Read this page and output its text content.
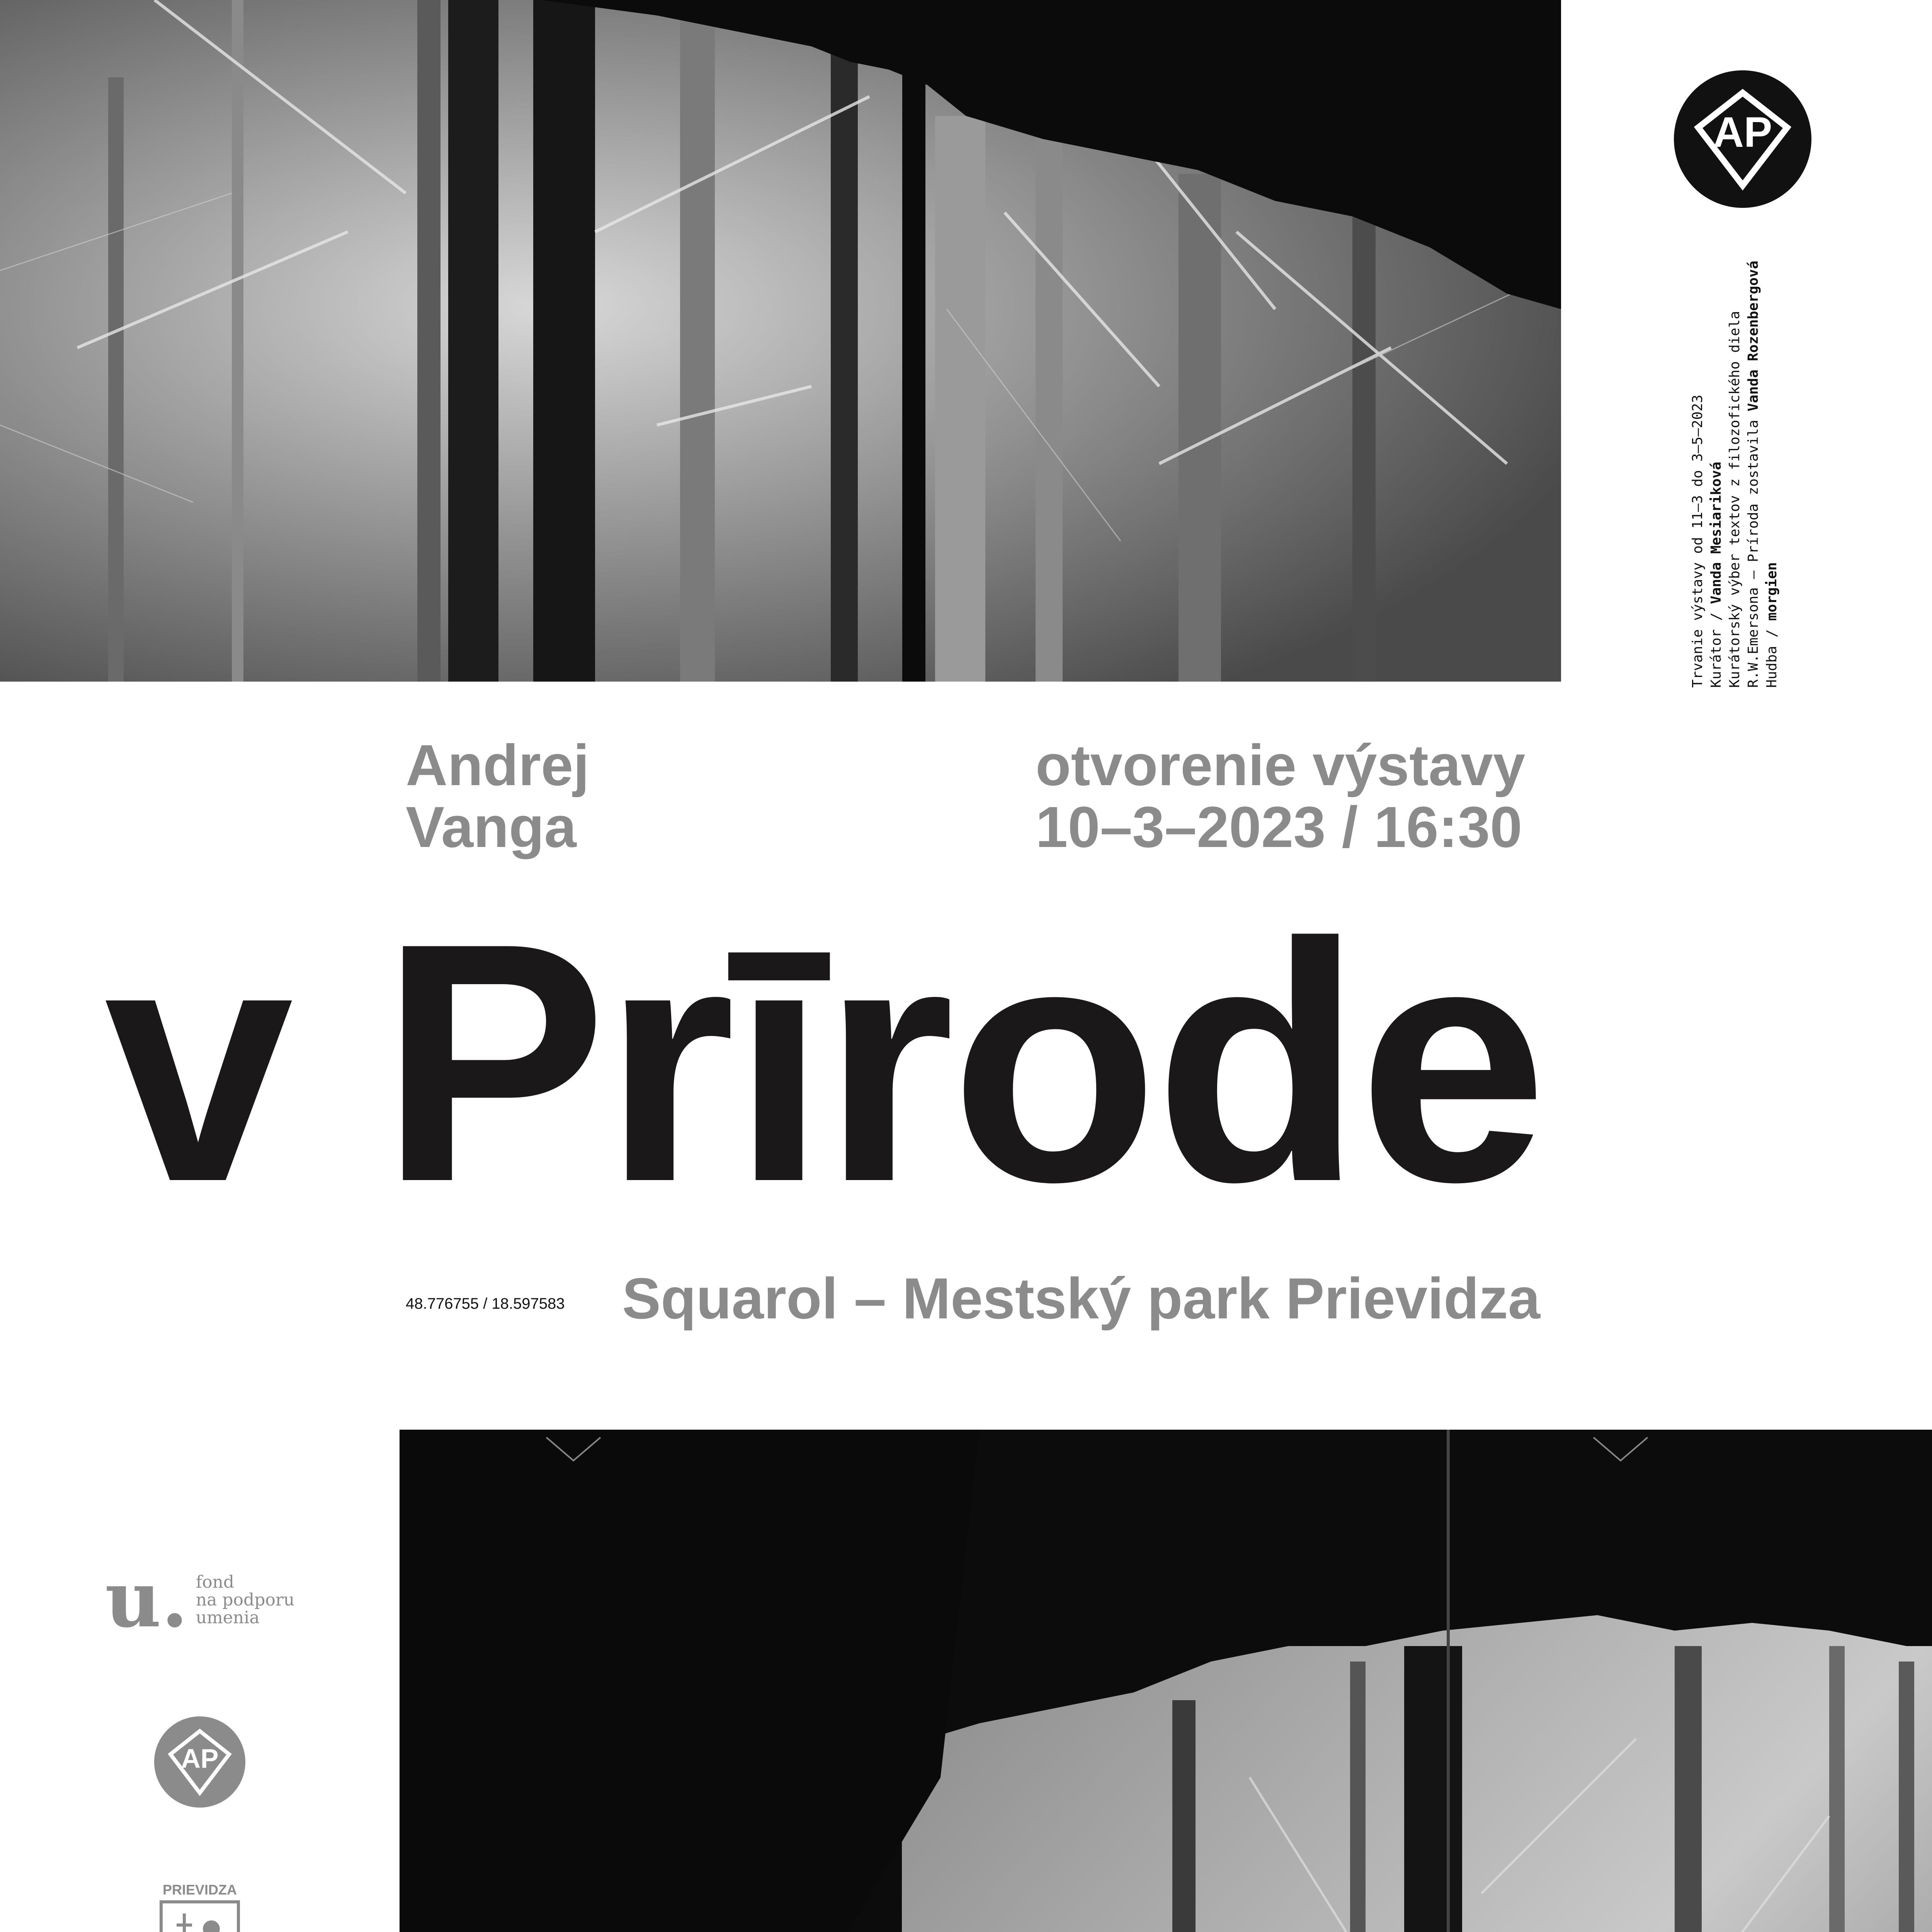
AP
Trvanie výstavy od 11–3 do 3–5–2023 Kurátor / Vanda Mesiariková Kurátorský výber textov z filozofického diela R.W.Emersona – Príroda zostavila Vanda Rozenbergová
Hudba / morgien
Andrej
Vanga
otvorenie výstavy
10–3–2023 / 16:30
v Prīrode
48.776755 / 18.597583 Squarol – Mestský park Prievidza
u. fond
na podporu
umenia
AP
PRIEVIDZA
